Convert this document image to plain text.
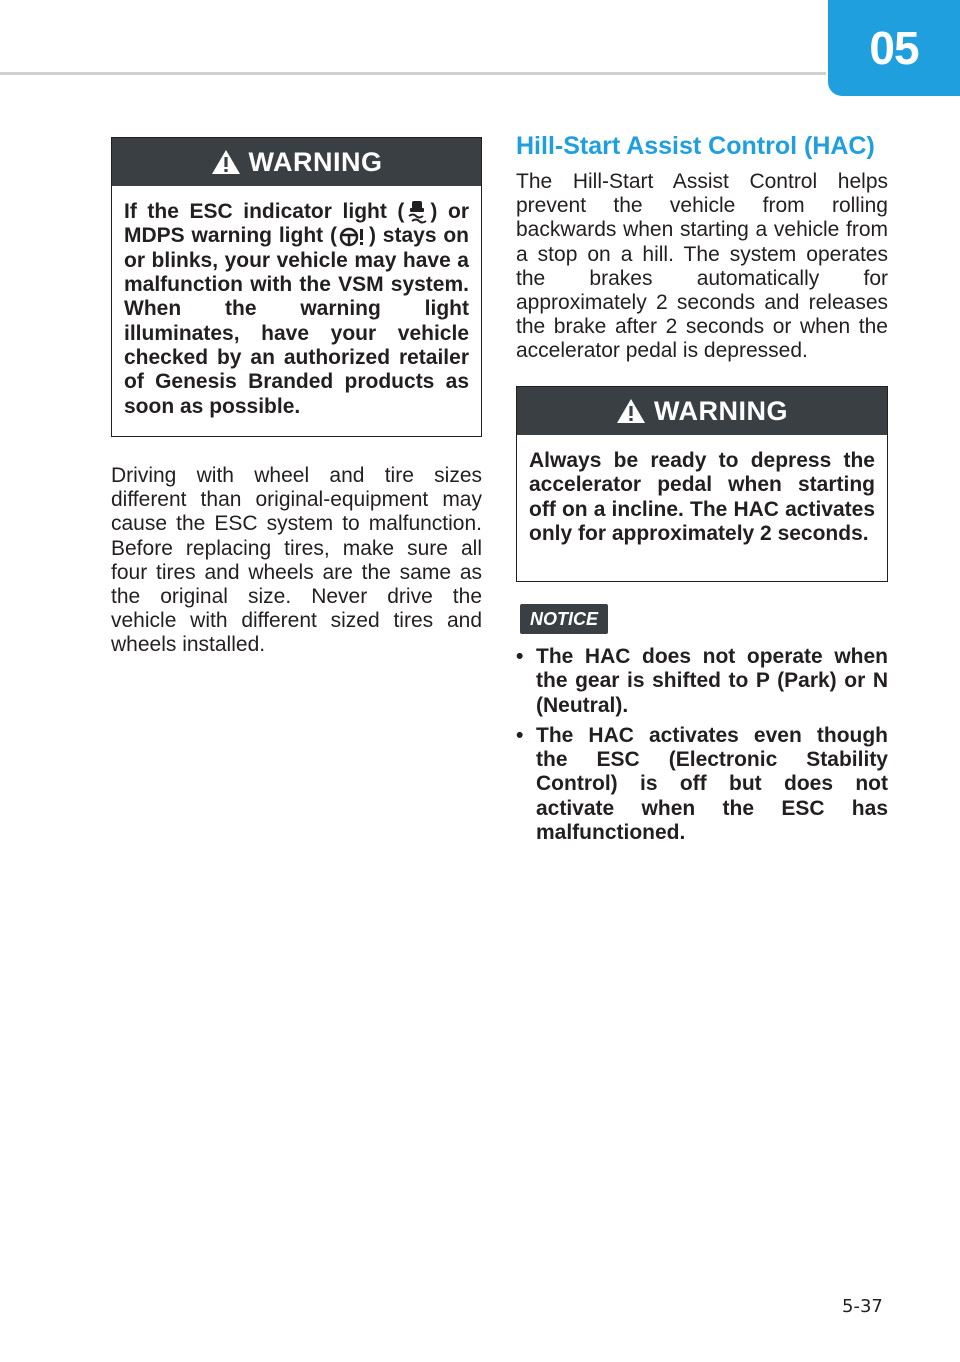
05
WARNING
If the ESC indicator light ( ) or MDPS warning light ( ) stays on or blinks, your vehicle may have a malfunction with the VSM system. When the warning light illuminates, have your vehicle checked by an authorized retailer of Genesis Branded products as soon as possible.
Driving with wheel and tire sizes different than original-equipment may cause the ESC system to malfunction. Before replacing tires, make sure all four tires and wheels are the same as the original size. Never drive the vehicle with different sized tires and wheels installed.
Hill-Start Assist Control (HAC)
The Hill-Start Assist Control helps prevent the vehicle from rolling backwards when starting a vehicle from a stop on a hill. The system operates the brakes automatically for approximately 2 seconds and releases the brake after 2 seconds or when the accelerator pedal is depressed.
WARNING
Always be ready to depress the accelerator pedal when starting off on a incline. The HAC activates only for approximately 2 seconds.
NOTICE
• The HAC does not operate when the gear is shifted to P (Park) or N (Neutral).
• The HAC activates even though the ESC (Electronic Stability Control) is off but does not activate when the ESC has malfunctioned.
5-37
